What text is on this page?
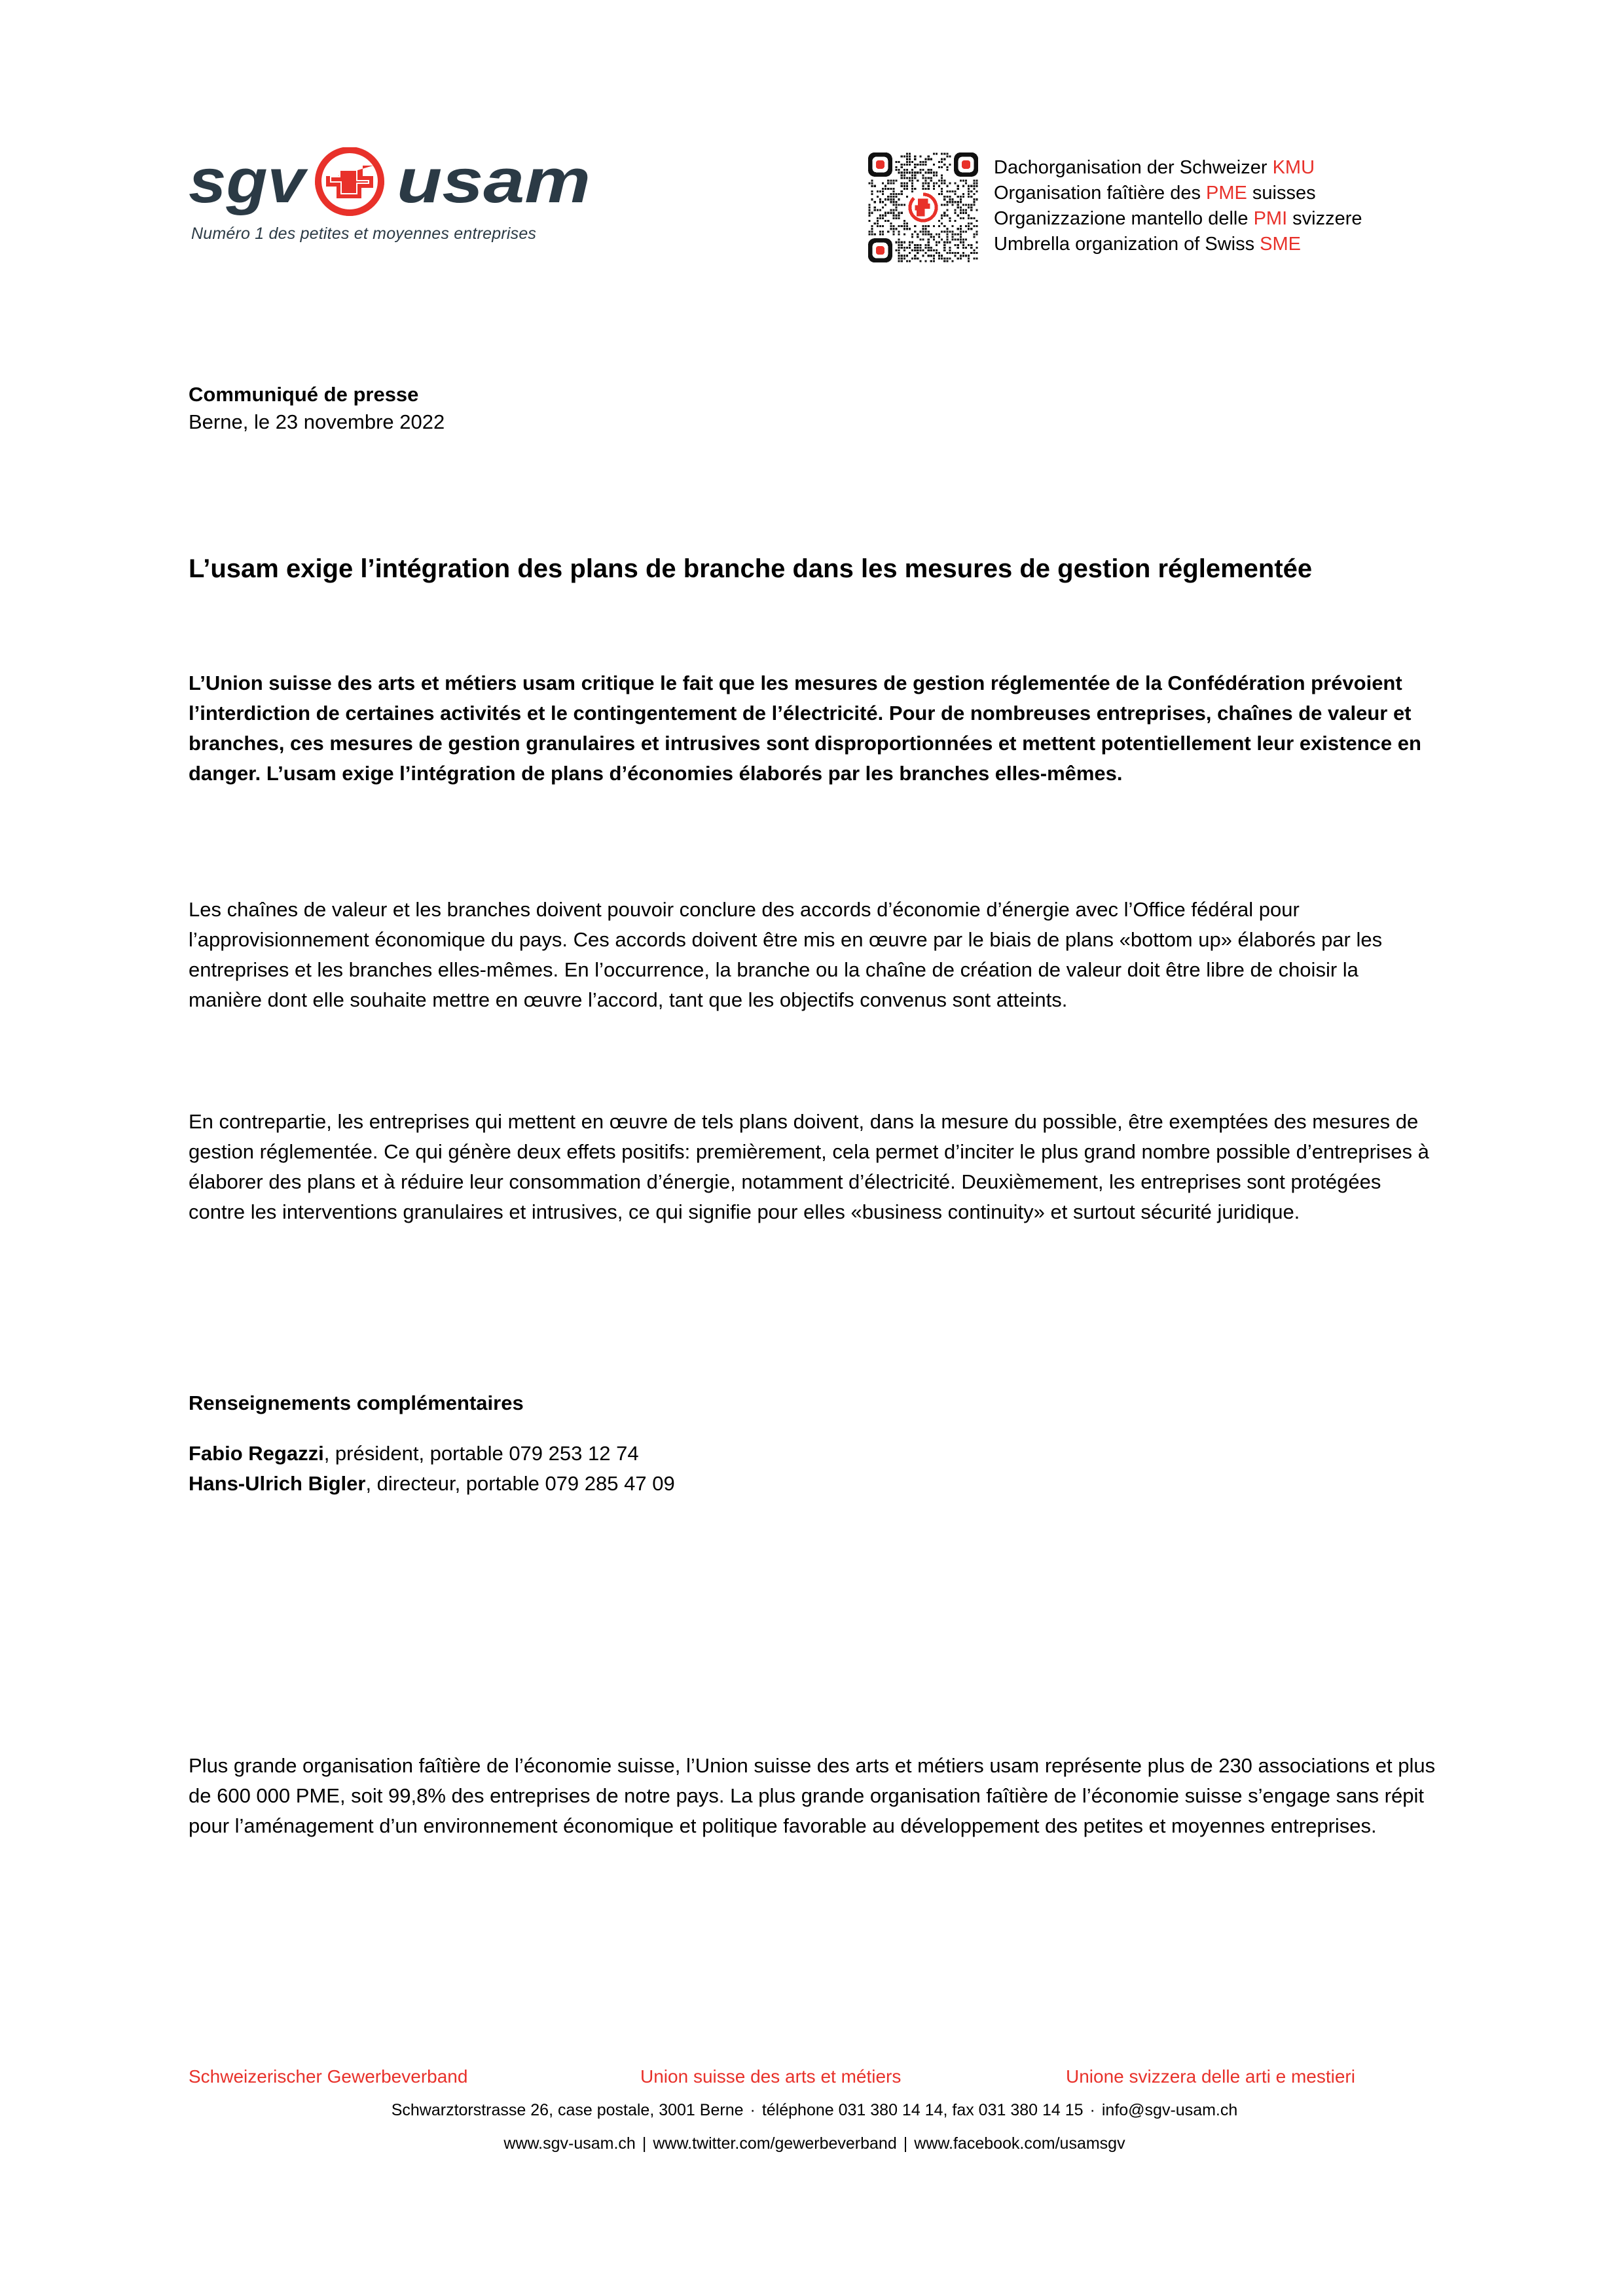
sgv usam
Numéro 1 des petites et moyennes entreprises
Dachorganisation der Schweizer KMU
Organisation faîtière des PME suisses
Organizzazione mantello delle PMI svizzere
Umbrella organization of Swiss SME
Communiqué de presse
Berne, le 23 novembre 2022
L’usam exige l’intégration des plans de branche dans les mesures de gestion réglementée

L’Union suisse des arts et métiers usam critique le fait que les mesures de gestion réglementée de la Confédération prévoient l’interdiction de certaines activités et le contingentement de l’électricité. Pour de nombreuses entreprises, chaînes de valeur et branches, ces mesures de gestion granulaires et intrusives sont disproportionnées et mettent potentiellement leur existence en danger. L’usam exige l’intégration de plans d’économies élaborés par les branches elles-mêmes.

Les chaînes de valeur et les branches doivent pouvoir conclure des accords d’économie d’énergie avec l’Office fédéral pour l’approvisionnement économique du pays. Ces accords doivent être mis en œuvre par le biais de plans «bottom up» élaborés par les entreprises et les branches elles-mêmes. En l’occurrence, la branche ou la chaîne de création de valeur doit être libre de choisir la manière dont elle souhaite mettre en œuvre l’accord, tant que les objectifs convenus sont atteints.

En contrepartie, les entreprises qui mettent en œuvre de tels plans doivent, dans la mesure du possible, être exemptées des mesures de gestion réglementée. Ce qui génère deux effets positifs: premièrement, cela permet d’inciter le plus grand nombre possible d’entreprises à élaborer des plans et à réduire leur consommation d’énergie, notamment d’électricité. Deuxièmement, les entreprises sont protégées contre les interventions granulaires et intrusives, ce qui signifie pour elles «business continuity» et surtout sécurité juridique.

Renseignements complémentaires
Fabio Regazzi, président, portable 079 253 12 74
Hans-Ulrich Bigler, directeur, portable 079 285 47 09

Plus grande organisation faîtière de l’économie suisse, l’Union suisse des arts et métiers usam représente plus de 230 associations et plus de 600 000 PME, soit 99,8% des entreprises de notre pays. La plus grande organisation faîtière de l’économie suisse s’engage sans répit pour l’aménagement d’un environnement économique et politique favorable au développement des petites et moyennes entreprises.

Schweizerischer Gewerbeverband	Union suisse des arts et métiers	Unione svizzera delle arti e mestieri
Schwarztorstrasse 26, case postale, 3001 Berne · téléphone 031 380 14 14, fax 031 380 14 15 · info@sgv-usam.ch
www.sgv-usam.ch | www.twitter.com/gewerbeverband | www.facebook.com/usamsgv
